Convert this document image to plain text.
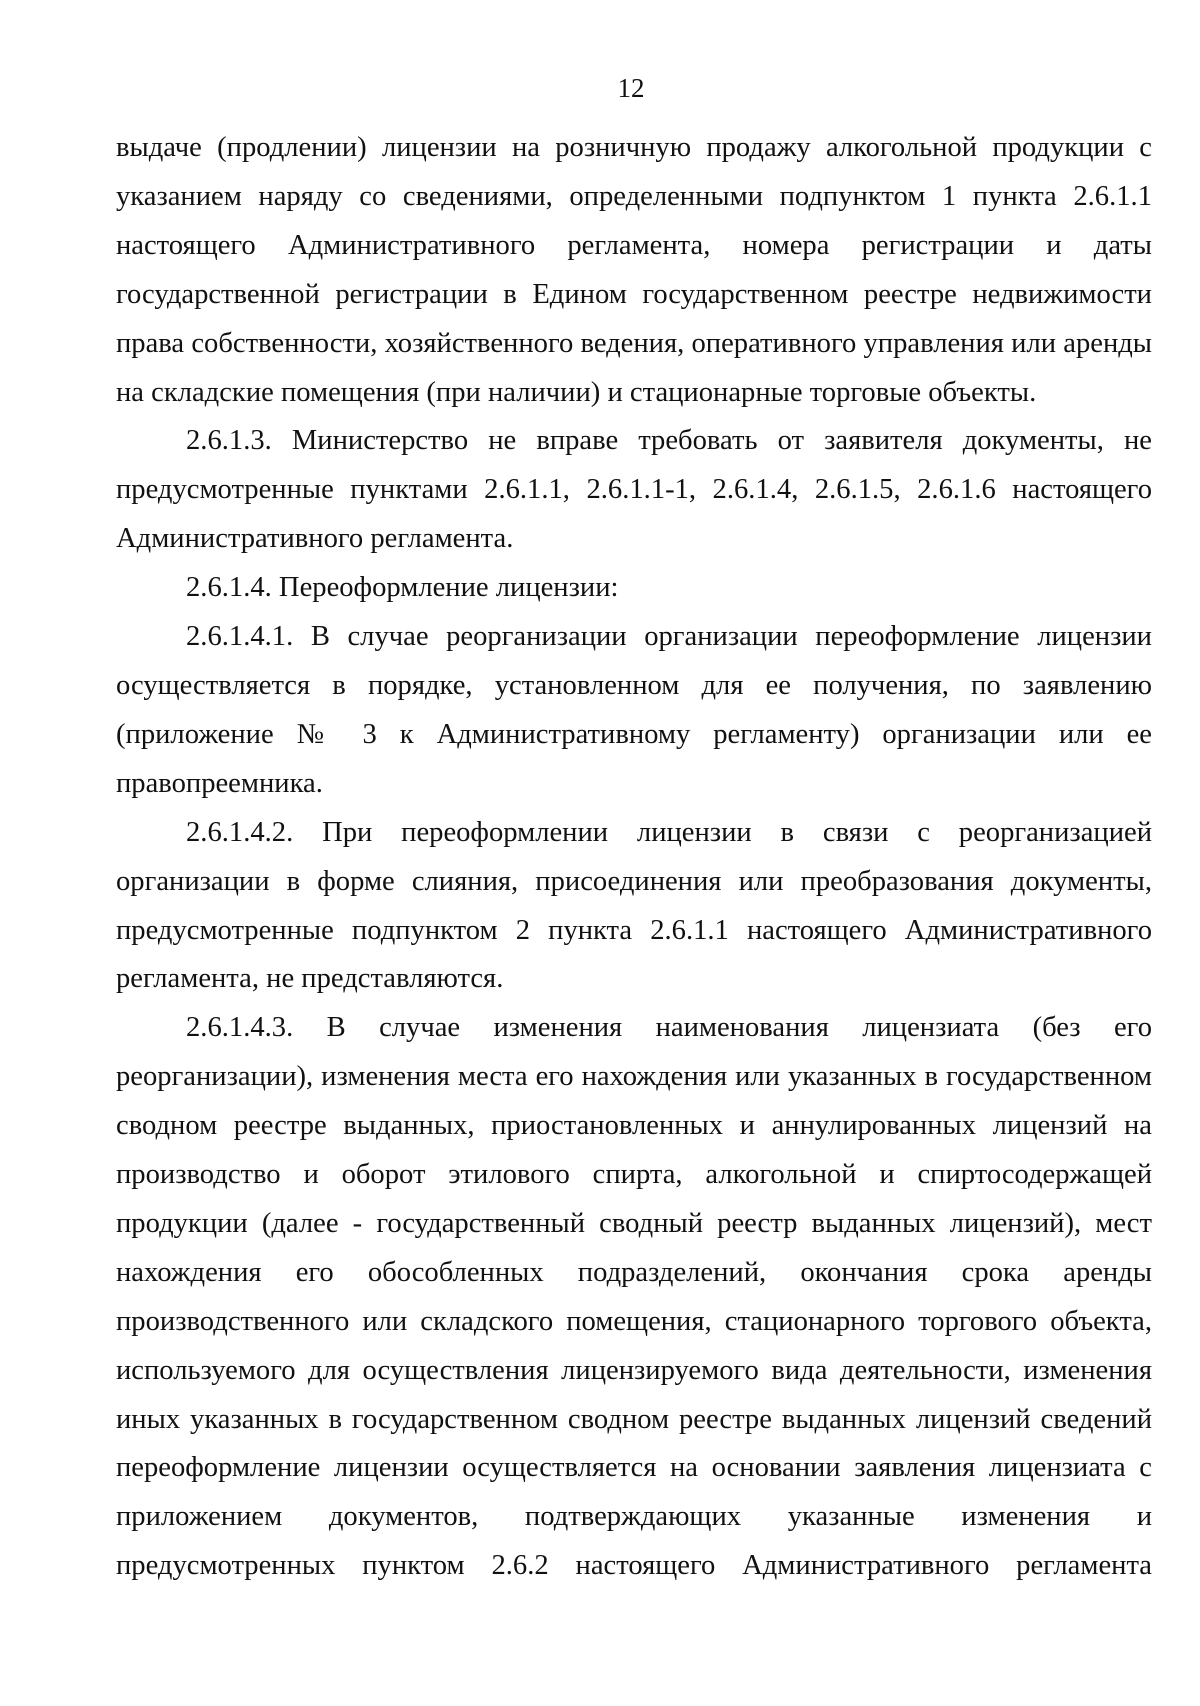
12

выдаче (продлении) лицензии на розничную продажу алкогольной продукции с указанием наряду со сведениями, определенными подпунктом 1 пункта 2.6.1.1 настоящего Административного регламента, номера регистрации и даты государственной регистрации в Едином государственном реестре недвижимости права собственности, хозяйственного ведения, оперативного управления или аренды на складские помещения (при наличии) и стационарные торговые объекты.

2.6.1.3. Министерство не вправе требовать от заявителя документы, не предусмотренные пунктами 2.6.1.1, 2.6.1.1-1, 2.6.1.4, 2.6.1.5, 2.6.1.6 настоящего Административного регламента.

2.6.1.4. Переоформление лицензии:

2.6.1.4.1. В случае реорганизации организации переоформление лицензии осуществляется в порядке, установленном для ее получения, по заявлению (приложение № 3 к Административному регламенту) организации или ее правопреемника.

2.6.1.4.2. При переоформлении лицензии в связи с реорганизацией организации в форме слияния, присоединения или преобразования документы, предусмотренные подпунктом 2 пункта 2.6.1.1 настоящего Административного регламента, не представляются.

2.6.1.4.3. В случае изменения наименования лицензиата (без его реорганизации), изменения места его нахождения или указанных в государственном сводном реестре выданных, приостановленных и аннулированных лицензий на производство и оборот этилового спирта, алкогольной и спиртосодержащей продукции (далее - государственный сводный реестр выданных лицензий), мест нахождения его обособленных подразделений, окончания срока аренды производственного или складского помещения, стационарного торгового объекта, используемого для осуществления лицензируемого вида деятельности, изменения иных указанных в государственном сводном реестре выданных лицензий сведений переоформление лицензии осуществляется на основании заявления лицензиата с приложением документов, подтверждающих указанные изменения и предусмотренных пунктом 2.6.2 настоящего Административного регламента
